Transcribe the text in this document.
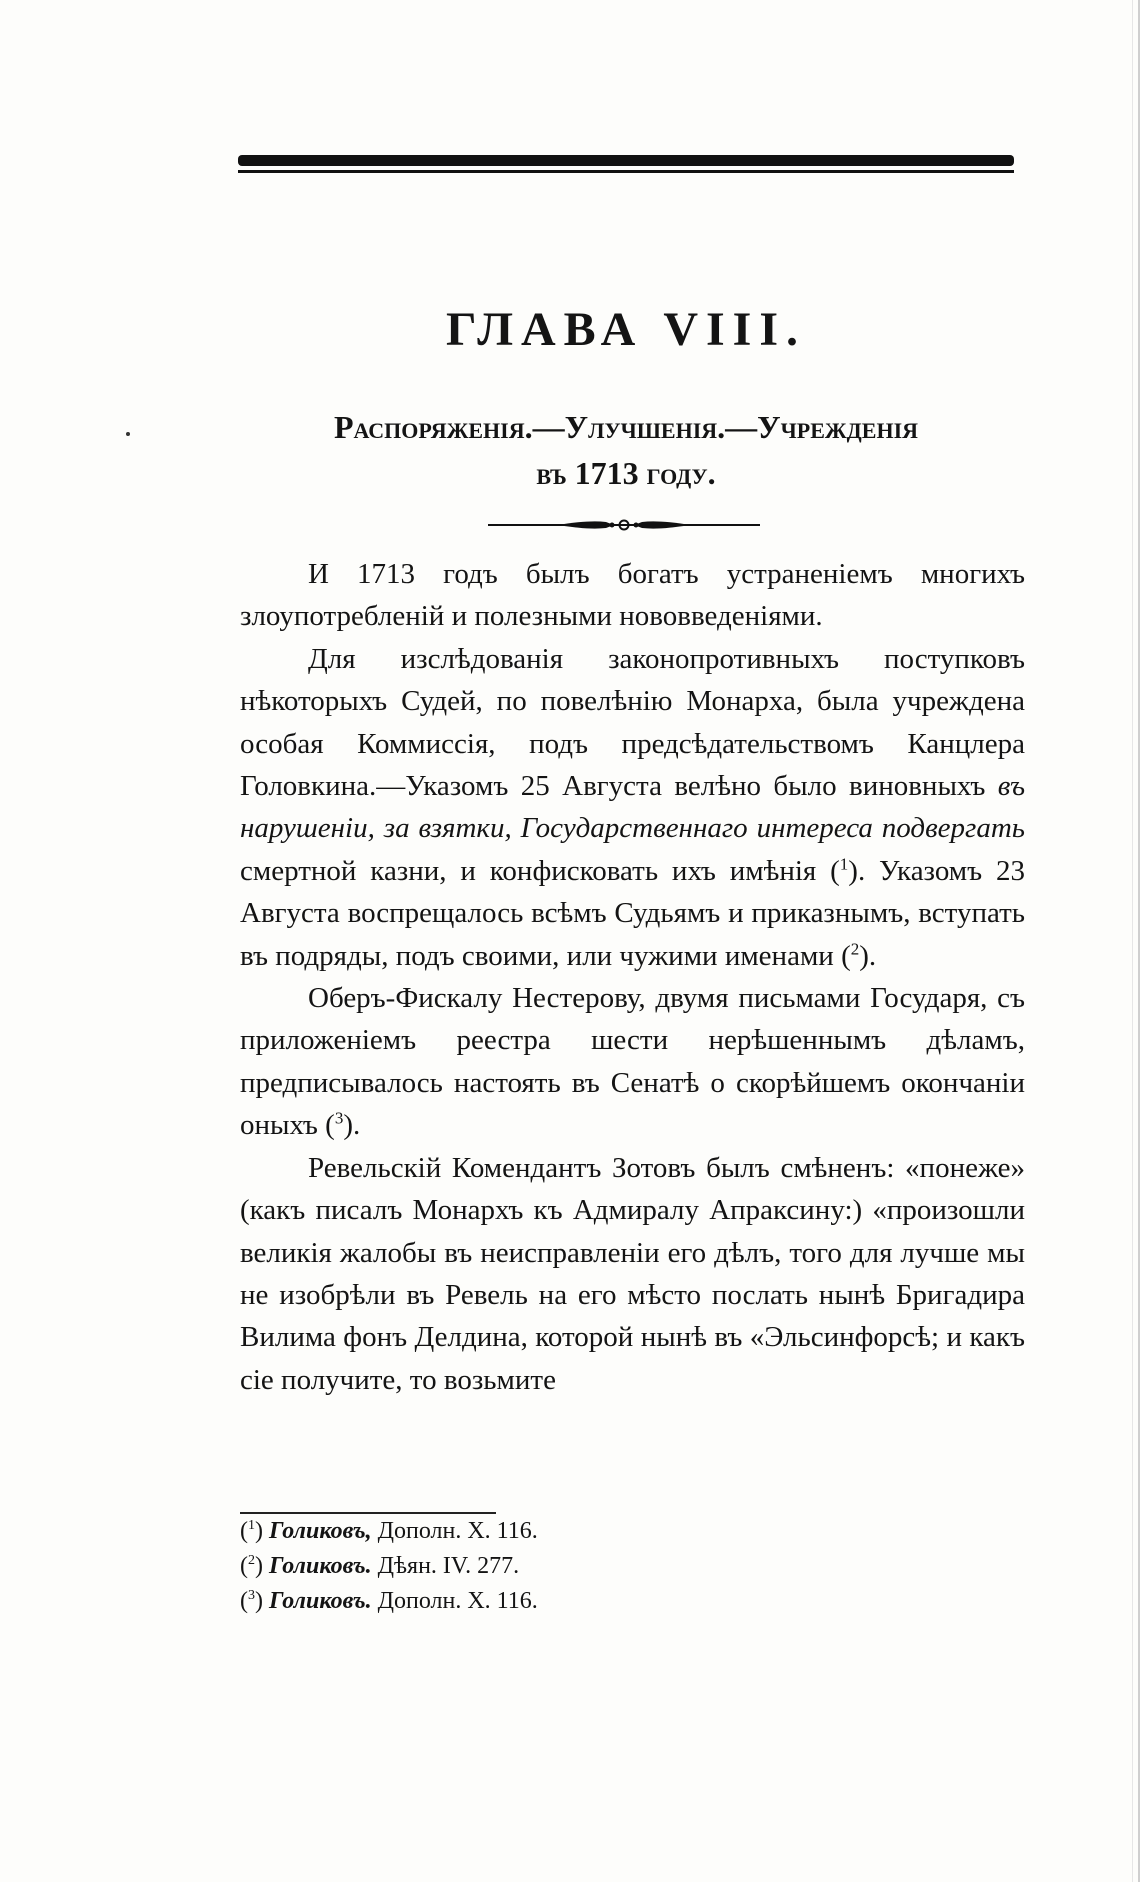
ГЛАВА VIII.
Распоряженія.—Улучшенія.—Учрежденія
въ 1713 году.

И 1713 годъ былъ богатъ устраненіемъ многихъ злоупотребленій и полезными нововведеніями.

Для изслѣдованія законопротивныхъ поступковъ нѣкоторыхъ Судей, по повелѣнію Монарха, была учреждена особая Коммиссія, подъ предсѣдательствомъ Канцлера Головкина.—Указомъ 25 Августа велѣно было виновныхъ въ нарушеніи, за взятки, Государственнаго интереса подвергать смертной казни, и конфисковать ихъ имѣнія ($^1$). Указомъ 23 Августа воспрещалось всѣмъ Судьямъ и приказнымъ, вступать въ подряды, подъ своими, или чужими именами ($^2$).

Оберъ-Фискалу Нестерову, двумя письмами Государя, съ приложеніемъ реестра шести нерѣшеннымъ дѣламъ, предписывалось настоять въ Сенатѣ о скорѣйшемъ окончаніи оныхъ ($^3$).

Ревельскій Комендантъ Зотовъ былъ смѣненъ: «понеже» (какъ писалъ Монархъ къ Адмиралу Апраксину:) «произошли великія жалобы въ неисправленіи его дѣлъ, того для лучше мы не изобрѣли въ Ревель на его мѣсто послать нынѣ Бригадира Вилима фонъ Делдина, которой нынѣ въ «Эльсинфорсѣ; и какъ сіе получите, то возьмите

($^1$) Голиковъ, Дополн. X. 116.
($^2$) Голиковъ. Дѣян. IV. 277.
($^3$) Голиковъ. Дополн. X. 116.
